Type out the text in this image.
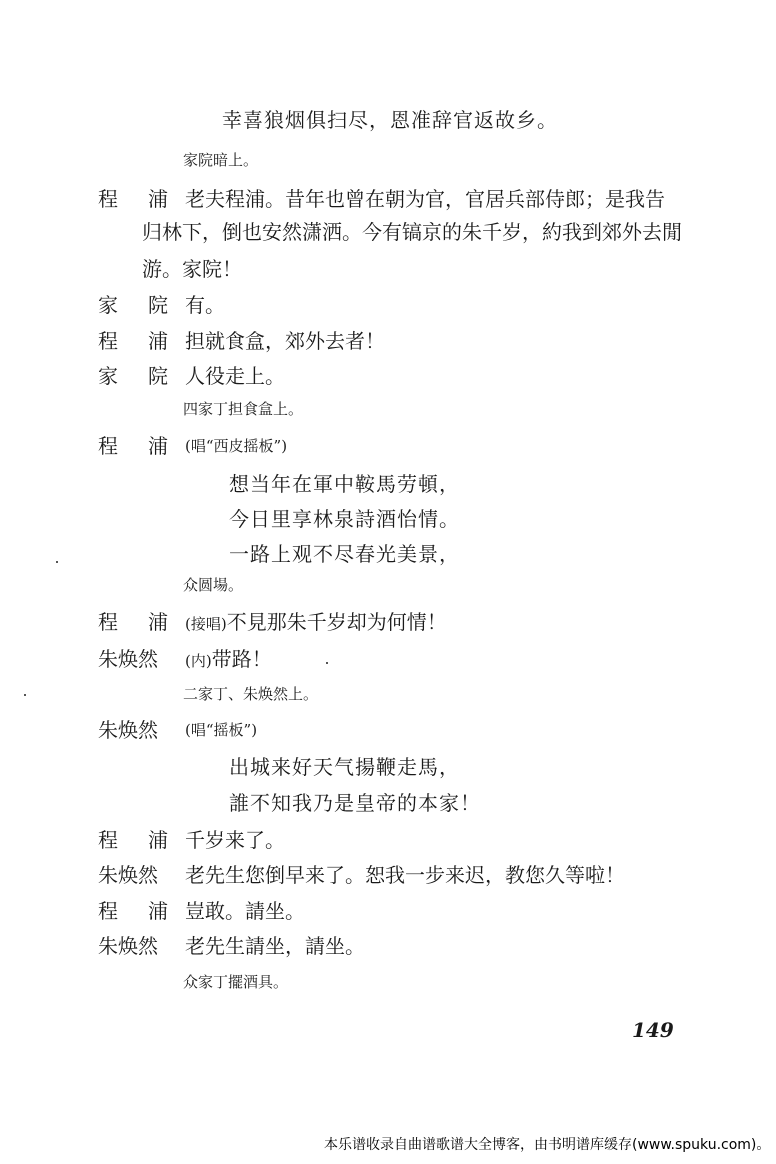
幸喜狼烟俱扫尽，恩准辞官返故乡。
家院暗上。
程 浦 老夫程浦。昔年也曾在朝为官，官居兵部侍郎；是我告
归林下，倒也安然潇洒。今有镐京的朱千岁，約我到郊外去閒
游。家院！
家 院 有。
程 浦 担就食盒，郊外去者！
家 院 人役走上。
四家丁担食盒上。
程 浦 (唱“西皮摇板”)
想当年在軍中鞍馬劳頓，
今日里享林泉詩酒怡情。
一路上观不尽春光美景，
众圆場。
程 浦 (接唱)不見那朱千岁却为何情！
朱焕然	(内)带路！
二家丁、朱焕然上。
朱焕然	(唱“摇板”)
出城来好天气揚鞭走馬，
誰不知我乃是皇帝的本家！
程 浦 千岁来了。
朱焕然	老先生您倒早来了。恕我一步来迟，教您久等啦！
程 浦 豈敢。請坐。
朱焕然	老先生請坐，請坐。
众家丁擺酒具。
149
本乐谱收录自曲谱歌谱大全博客，由书明谱库缓存(www.spuku.com)。
